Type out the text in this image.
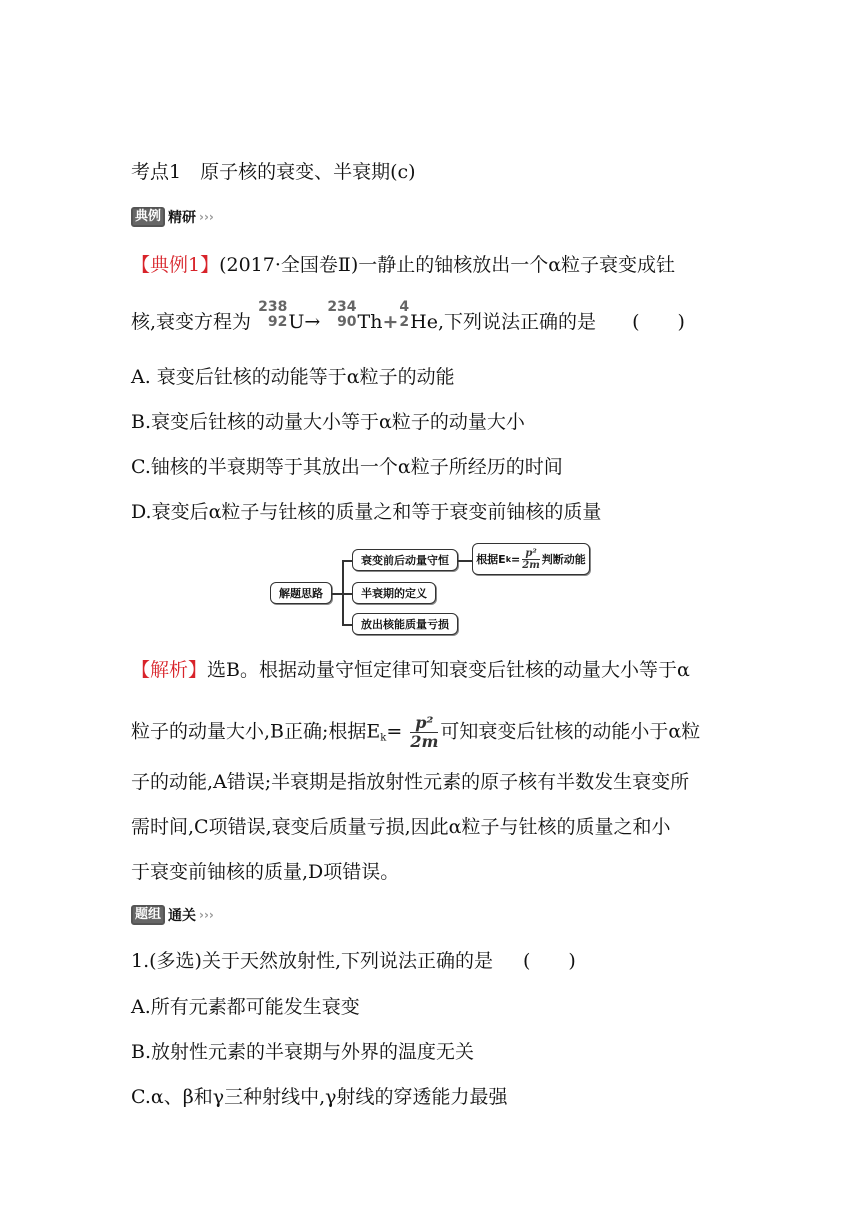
考点1　原子核的衰变、半衰期(c)
典例 精研 ›››
【典例1】(2017·全国卷Ⅱ)一静止的铀核放出一个α粒子衰变成钍
核,衰变方程为
238
92 U→
234
90 Th+
4
2 He,下列说法正确的是 (　　)
A. 衰变后钍核的动能等于α粒子的动能
B.衰变后钍核的动量大小等于α粒子的动量大小
C.铀核的半衰期等于其放出一个α粒子所经历的时间
D.衰变后α粒子与钍核的质量之和等于衰变前铀核的质量
解题思路
衰变前后动量守恒
半衰期的定义
放出核能质量亏损
根据E $k = \frac{\text{p²}}{2m}$ 判断动能
【解析】选B。根据动量守恒定律可知衰变后钍核的动量大小等于α
粒子的动量大小,B正确;根据$E_k= \frac{\text{p²}}{2m}$ 可知衰变后钍核的动能小于α粒
子的动能,A错误;半衰期是指放射性元素的原子核有半数发生衰变所
需时间,C项错误,衰变后质量亏损,因此α粒子与钍核的质量之和小
于衰变前铀核的质量,D项错误。
题组 通关 ›››
1.(多选)关于天然放射性,下列说法正确的是 (　　)
A.所有元素都可能发生衰变
B.放射性元素的半衰期与外界的温度无关
C.α、β和γ三种射线中,γ射线的穿透能力最强
